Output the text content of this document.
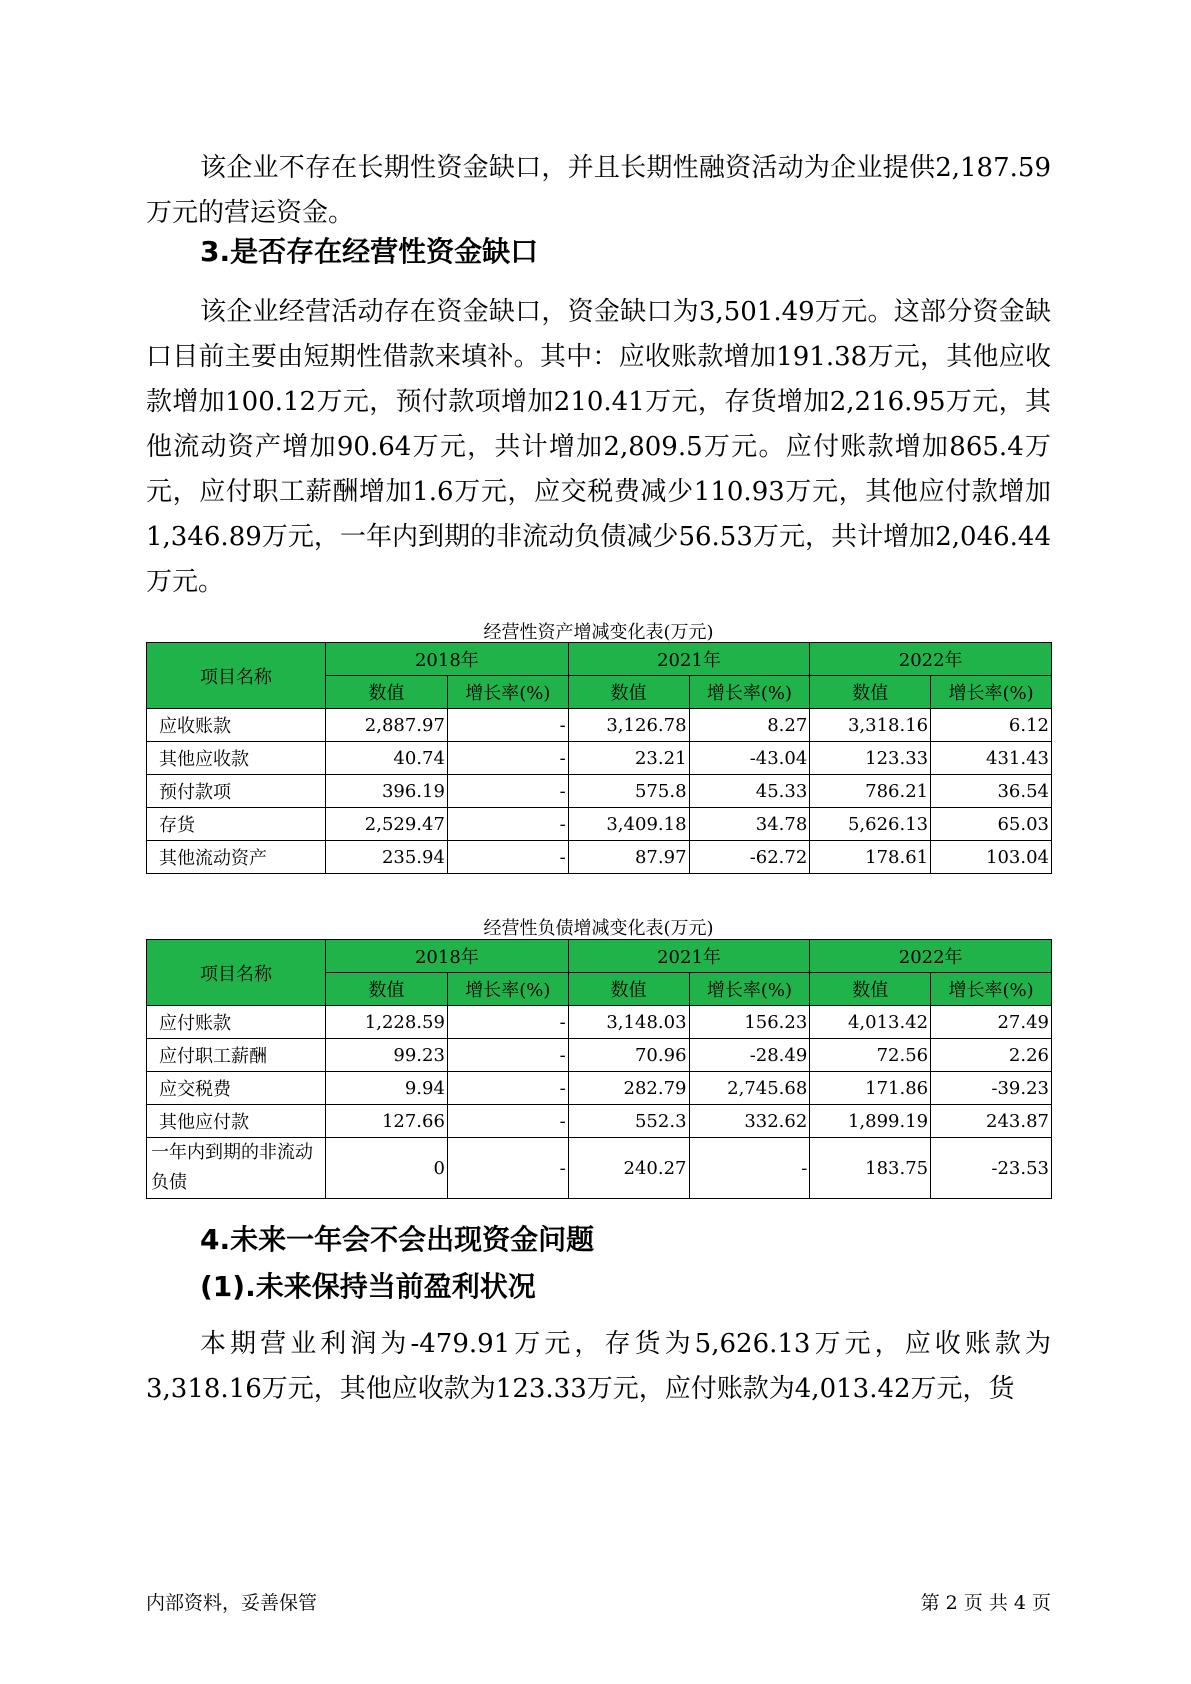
该企业不存在长期性资金缺口，并且长期性融资活动为企业提供2,187.59万元的营运资金。

3.是否存在经营性资金缺口

该企业经营活动存在资金缺口，资金缺口为3,501.49万元。这部分资金缺口目前主要由短期性借款来填补。其中：应收账款增加191.38万元，其他应收款增加100.12万元，预付款项增加210.41万元，存货增加2,216.95万元，其他流动资产增加90.64万元，共计增加2,809.5万元。应付账款增加865.4万元，应付职工薪酬增加1.6万元，应交税费减少110.93万元，其他应付款增加1,346.89万元，一年内到期的非流动负债减少56.53万元，共计增加2,046.44万元。

经营性资产增减变化表(万元)

项目名称	2018年		2021年		2022年	
	数值	增长率(%)	数值	增长率(%)	数值	增长率(%)
应收账款	2,887.97	-	3,126.78	8.27	3,318.16	6.12
其他应收款	40.74	-	23.21	-43.04	123.33	431.43
预付款项	396.19	-	575.8	45.33	786.21	36.54
存货	2,529.47	-	3,409.18	34.78	5,626.13	65.03
其他流动资产	235.94	-	87.97	-62.72	178.61	103.04

经营性负债增减变化表(万元)

项目名称	2018年		2021年		2022年	
	数值	增长率(%)	数值	增长率(%)	数值	增长率(%)
应付账款	1,228.59	-	3,148.03	156.23	4,013.42	27.49
应付职工薪酬	99.23	-	70.96	-28.49	72.56	2.26
应交税费	9.94	-	282.79	2,745.68	171.86	-39.23
其他应付款	127.66	-	552.3	332.62	1,899.19	243.87
一年内到期的非流动负债	0	-	240.27	-	183.75	-23.53
4.未来一年会不会出现资金问题
(1).未来保持当前盈利状况

本期营业利润为-479.91万元，存货为5,626.13万元，应收账款为3,318.16万元，其他应收款为123.33万元，应付账款为4,013.42万元，货

内部资料，妥善保管	第 2 页 共 4 页
